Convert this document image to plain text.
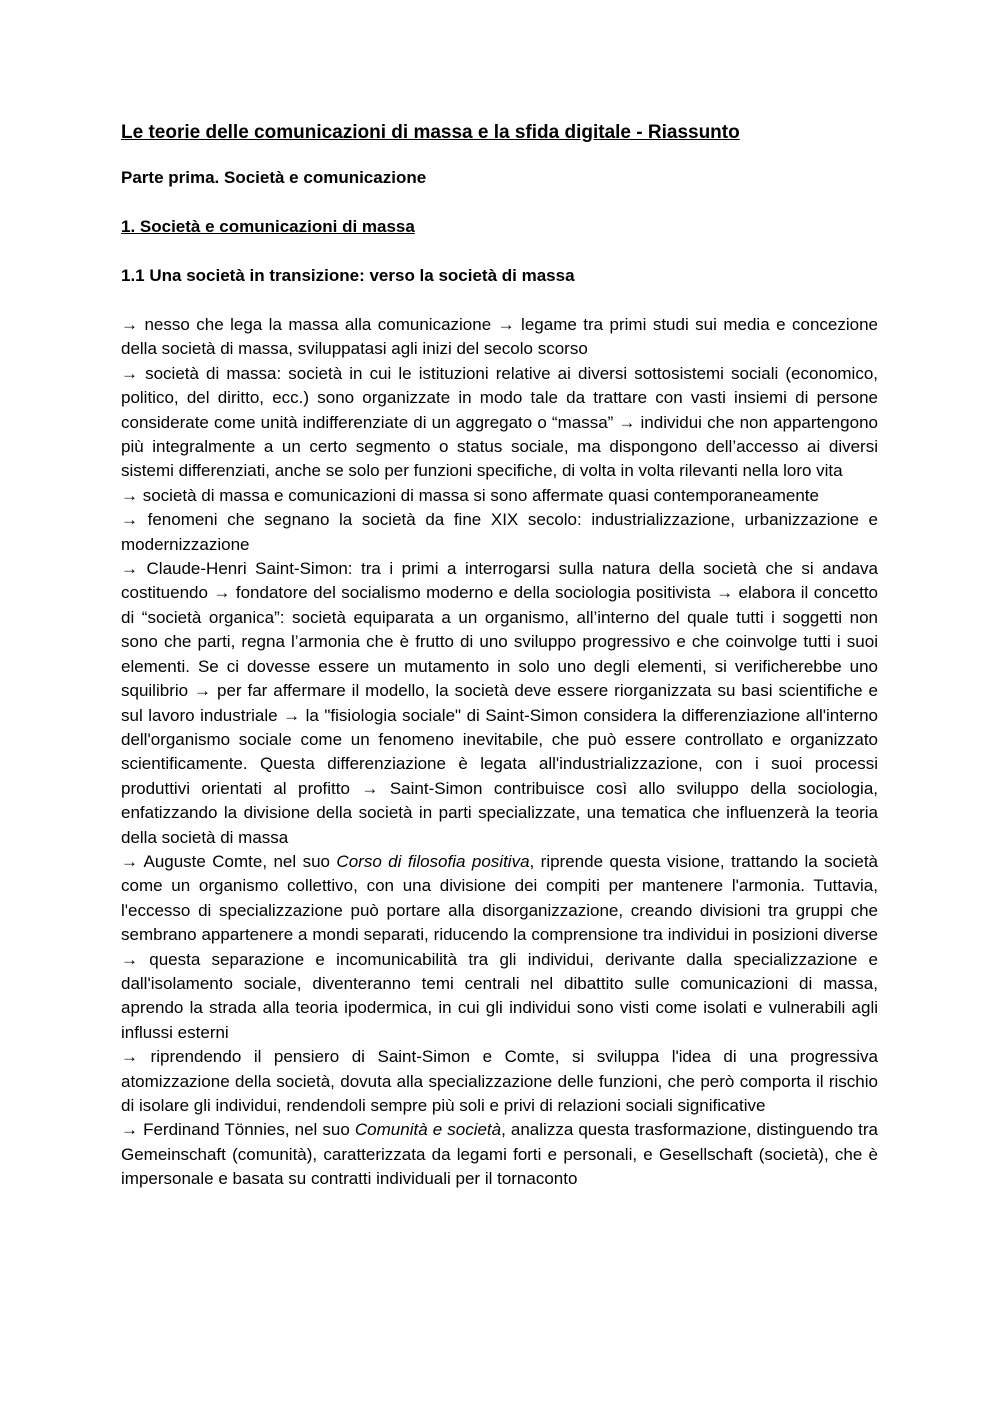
Le teorie delle comunicazioni di massa e la sfida digitale - Riassunto
Parte prima. Società e comunicazione
1. Società e comunicazioni di massa
1.1 Una società in transizione: verso la società di massa

→ nesso che lega la massa alla comunicazione → legame tra primi studi sui media e concezione della società di massa, sviluppatasi agli inizi del secolo scorso

→ società di massa: società in cui le istituzioni relative ai diversi sottosistemi sociali (economico, politico, del diritto, ecc.) sono organizzate in modo tale da trattare con vasti insiemi di persone considerate come unità indifferenziate di un aggregato o “massa” → individui che non appartengono più integralmente a un certo segmento o status sociale, ma dispongono dell’accesso ai diversi sistemi differenziati, anche se solo per funzioni specifiche, di volta in volta rilevanti nella loro vita

→ società di massa e comunicazioni di massa si sono affermate quasi contemporaneamente

→ fenomeni che segnano la società da fine XIX secolo: industrializzazione, urbanizzazione e modernizzazione

→ Claude-Henri Saint-Simon: tra i primi a interrogarsi sulla natura della società che si andava costituendo → fondatore del socialismo moderno e della sociologia positivista → elabora il concetto di “società organica”: società equiparata a un organismo, all’interno del quale tutti i soggetti non sono che parti, regna l’armonia che è frutto di uno sviluppo progressivo e che coinvolge tutti i suoi elementi. Se ci dovesse essere un mutamento in solo uno degli elementi, si verificherebbe uno squilibrio → per far affermare il modello, la società deve essere riorganizzata su basi scientifiche e sul lavoro industriale → la "fisiologia sociale" di Saint-Simon considera la differenziazione all'interno dell'organismo sociale come un fenomeno inevitabile, che può essere controllato e organizzato scientificamente. Questa differenziazione è legata all'industrializzazione, con i suoi processi produttivi orientati al profitto → Saint-Simon contribuisce così allo sviluppo della sociologia, enfatizzando la divisione della società in parti specializzate, una tematica che influenzerà la teoria della società di massa

→ Auguste Comte, nel suo Corso di filosofia positiva, riprende questa visione, trattando la società come un organismo collettivo, con una divisione dei compiti per mantenere l'armonia. Tuttavia, l'eccesso di specializzazione può portare alla disorganizzazione, creando divisioni tra gruppi che sembrano appartenere a mondi separati, riducendo la comprensione tra individui in posizioni diverse → questa separazione e incomunicabilità tra gli individui, derivante dalla specializzazione e dall'isolamento sociale, diventeranno temi centrali nel dibattito sulle comunicazioni di massa, aprendo la strada alla teoria ipodermica, in cui gli individui sono visti come isolati e vulnerabili agli influssi esterni

→ riprendendo il pensiero di Saint-Simon e Comte, si sviluppa l'idea di una progressiva atomizzazione della società, dovuta alla specializzazione delle funzioni, che però comporta il rischio di isolare gli individui, rendendoli sempre più soli e privi di relazioni sociali significative

→ Ferdinand Tönnies, nel suo Comunità e società, analizza questa trasformazione, distinguendo tra Gemeinschaft (comunità), caratterizzata da legami forti e personali, e Gesellschaft (società), che è impersonale e basata su contratti individuali per il tornaconto
